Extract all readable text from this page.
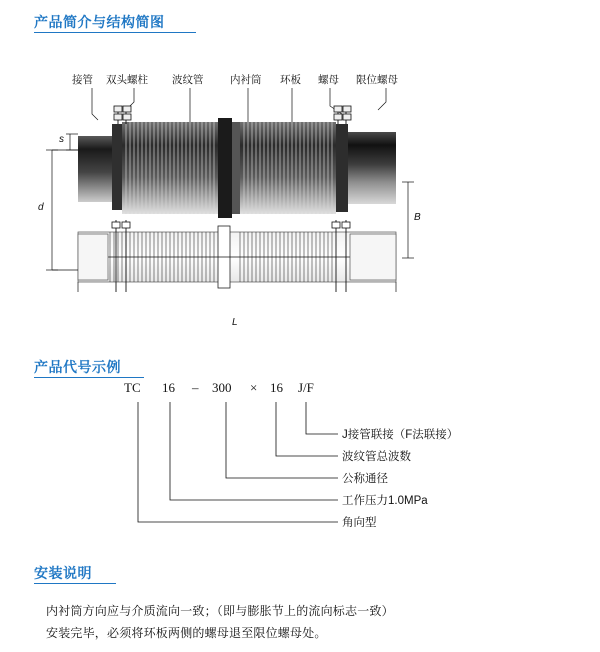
产品简介与结构简图
接管 双头螺柱 波纹管	内衬筒 环板 螺母 限位螺母
s
d
B
L
产品代号示例
TC 16 – 300 × 16 J/F
J接管联接（F法联接）
波纹管总波数
公称通径
工作压力1.0MPa
角向型
安装说明
内衬筒方向应与介质流向一致；（即与膨胀节上的流向标志一致）
安装完毕，必须将环板两侧的螺母退至限位螺母处。
